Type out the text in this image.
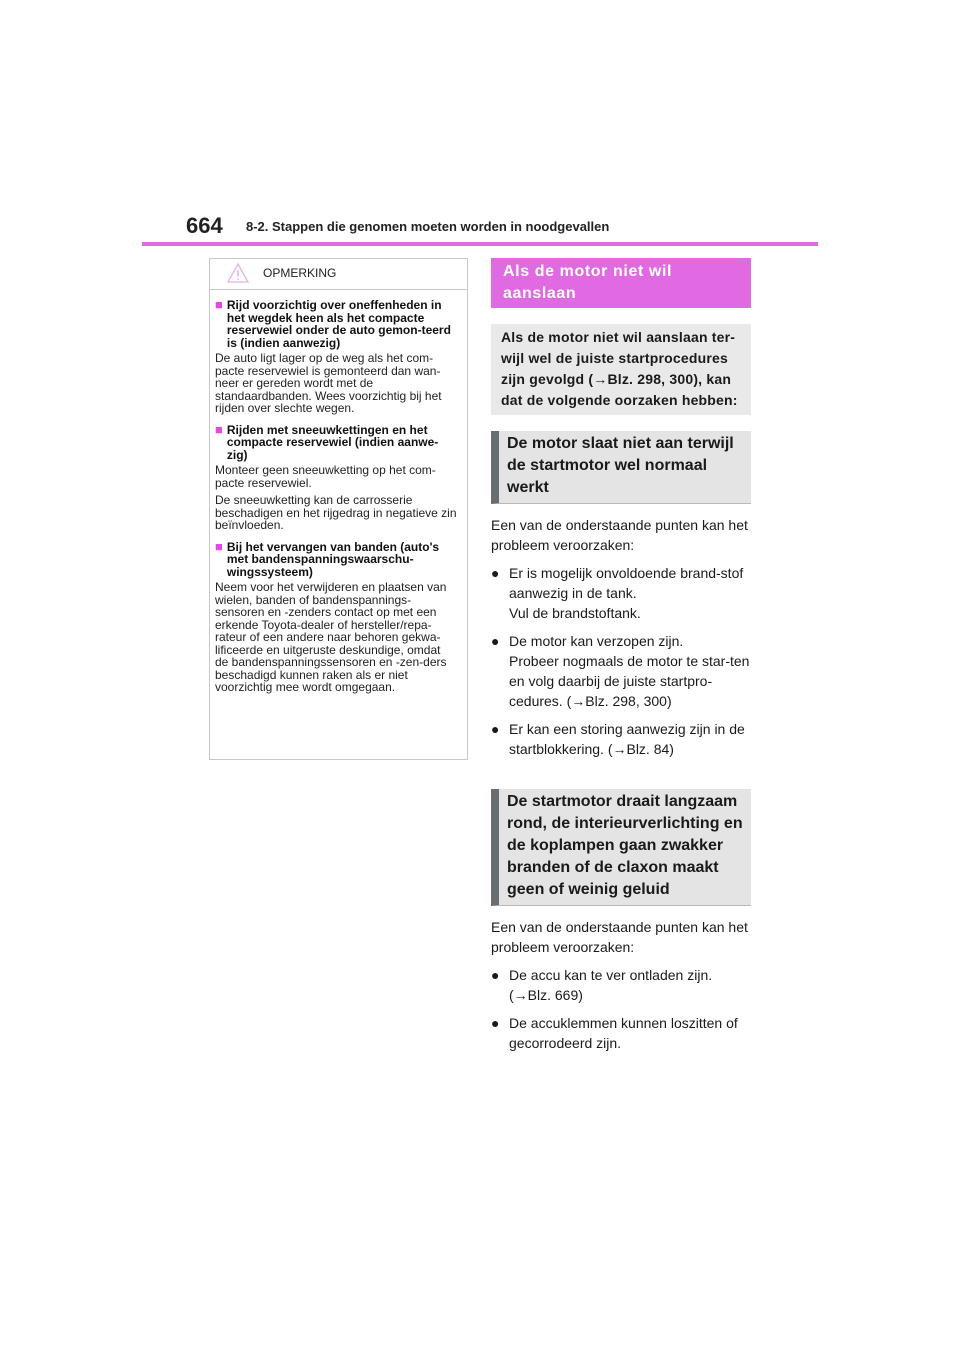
664 8-2. Stappen die genomen moeten worden in noodgevallen
OPMERKING
■ Rijd voorzichtig over oneffenheden in het wegdek heen als het compacte reservewiel onder de auto gemon-teerd is (indien aanwezig)

De auto ligt lager op de weg als het com-pacte reservewiel is gemonteerd dan wan-neer er gereden wordt met de standaardbanden. Wees voorzichtig bij het rijden over slechte wegen.

■ Rijden met sneeuwkettingen en het compacte reservewiel (indien aanwe-zig)

Monteer geen sneeuwketting op het com-pacte reservewiel.

De sneeuwketting kan de carrosserie beschadigen en het rijgedrag in negatieve zin beïnvloeden.

■ Bij het vervangen van banden (auto's met bandenspanningswaarschu-wingssysteem)

Neem voor het verwijderen en plaatsen van wielen, banden of bandenspannings-sensoren en -zenders contact op met een erkende Toyota-dealer of hersteller/repa-rateur of een andere naar behoren gekwa-lificeerde en uitgeruste deskundige, omdat de bandenspanningssensoren en -zen-ders beschadigd kunnen raken als er niet voorzichtig mee wordt omgegaan.

Als de motor niet wil aanslaan
Als de motor niet wil aanslaan ter-wijl wel de juiste startprocedures zijn gevolgd (→Blz. 298, 300), kan dat de volgende oorzaken hebben:
De motor slaat niet aan terwijl de startmotor wel normaal werkt
Een van de onderstaande punten kan het probleem veroorzaken:
● Er is mogelijk onvoldoende brand-stof aanwezig in de tank.

Vul de brandstoftank.

● De motor kan verzopen zijn.

Probeer nogmaals de motor te star-ten en volg daarbij de juiste startpro-cedures. (→Blz. 298, 300)

● Er kan een storing aanwezig zijn in de startblokkering. (→Blz. 84)

De startmotor draait langzaam rond, de interieurverlichting en de koplampen gaan zwakker branden of de claxon maakt geen of weinig geluid
Een van de onderstaande punten kan het probleem veroorzaken:
● De accu kan te ver ontladen zijn. (→Blz. 669)

● De accuklemmen kunnen loszitten of gecorrodeerd zijn.
